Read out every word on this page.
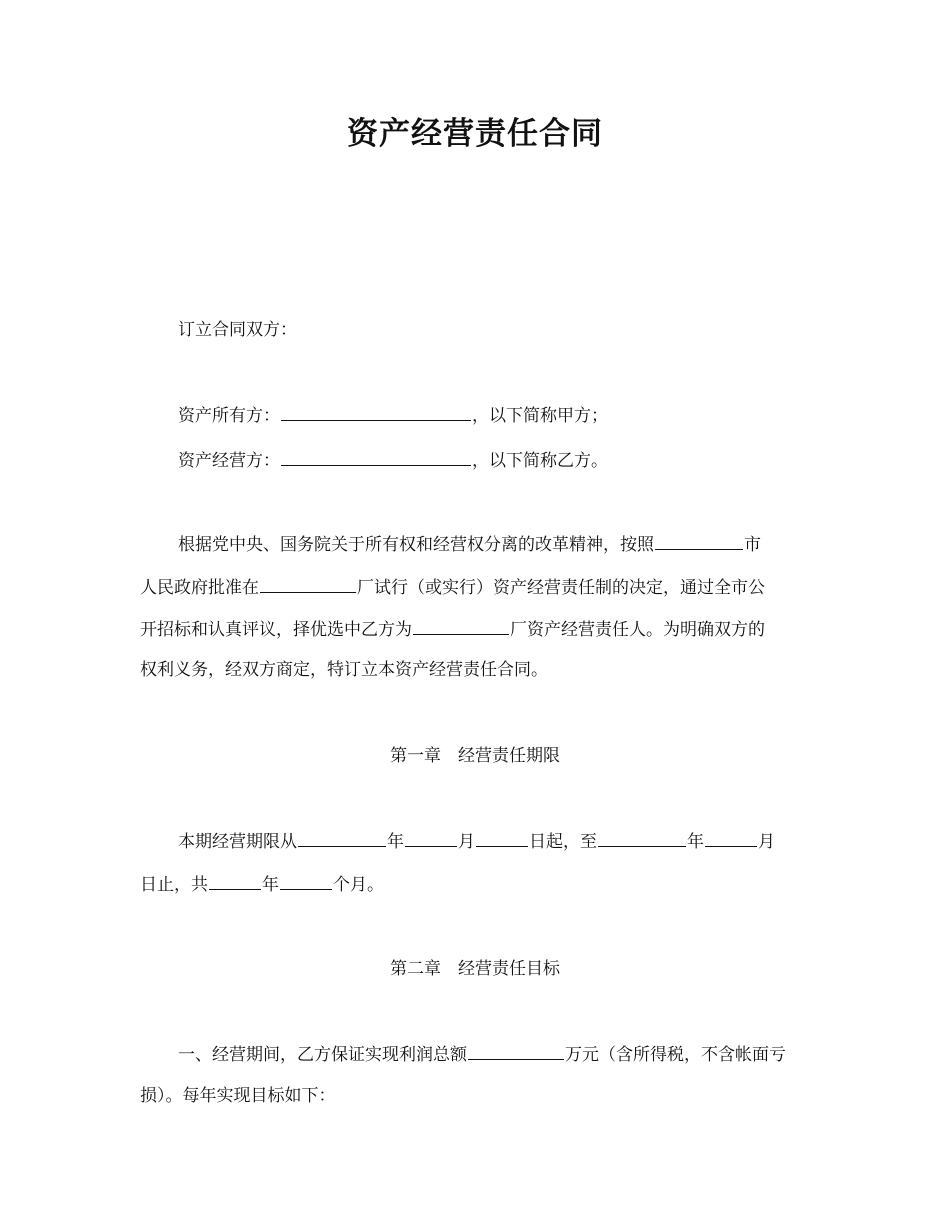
资产经营责任合同
订立合同双方：
资产所有方：	，以下简称甲方；
资产经营方：	，以下简称乙方。
根据党中央、国务院关于所有权和经营权分离的改革精神，按照	市
人民政府批准在	厂试行（或实行）资产经营责任制的决定，通过全市公
开招标和认真评议，择优选中乙方为	厂资产经营责任人。为明确双方的
权利义务，经双方商定，特订立本资产经营责任合同。
第一章　经营责任期限
本期经营期限从	年	月	日起，至	年	月
日止，共	年	个月。
第二章　经营责任目标
一、经营期间，乙方保证实现利润总额	万元（含所得税，不含帐面亏
损）。每年实现目标如下：
